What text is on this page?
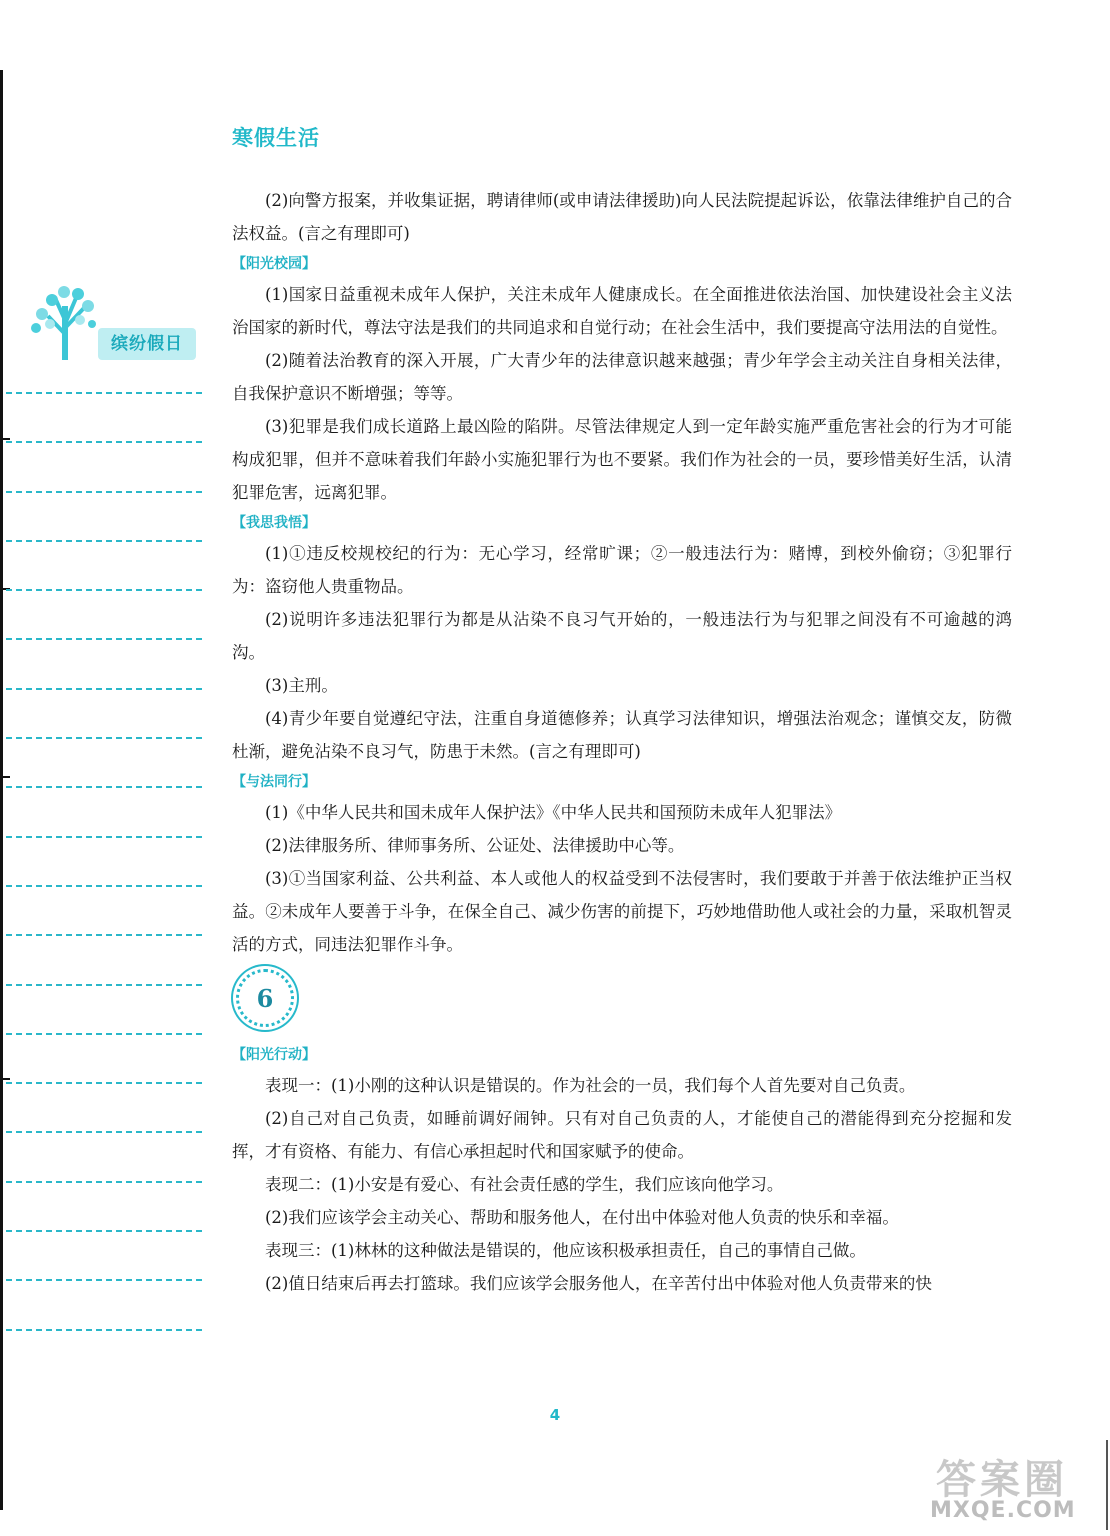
寒假生活
缤纷假日

(2)向警方报案，并收集证据，聘请律师(或申请法律援助)向人民法院提起诉讼，依靠法律维护自己的合法权益。(言之有理即可)

【阳光校园】

(1)国家日益重视未成年人保护，关注未成年人健康成长。在全面推进依法治国、加快建设社会主义法治国家的新时代，尊法守法是我们的共同追求和自觉行动；在社会生活中，我们要提高守法用法的自觉性。

(2)随着法治教育的深入开展，广大青少年的法律意识越来越强；青少年学会主动关注自身相关法律，自我保护意识不断增强；等等。

(3)犯罪是我们成长道路上最凶险的陷阱。尽管法律规定人到一定年龄实施严重危害社会的行为才可能构成犯罪，但并不意味着我们年龄小实施犯罪行为也不要紧。我们作为社会的一员，要珍惜美好生活，认清犯罪危害，远离犯罪。

【我思我悟】

(1)①违反校规校纪的行为：无心学习，经常旷课；②一般违法行为：赌博，到校外偷窃；③犯罪行为：盗窃他人贵重物品。

(2)说明许多违法犯罪行为都是从沾染不良习气开始的，一般违法行为与犯罪之间没有不可逾越的鸿沟。

(3)主刑。

(4)青少年要自觉遵纪守法，注重自身道德修养；认真学习法律知识，增强法治观念；谨慎交友，防微杜渐，避免沾染不良习气，防患于未然。(言之有理即可)

【与法同行】

(1)《中华人民共和国未成年人保护法》《中华人民共和国预防未成年人犯罪法》

(2)法律服务所、律师事务所、公证处、法律援助中心等。

(3)①当国家利益、公共利益、本人或他人的权益受到不法侵害时，我们要敢于并善于依法维护正当权益。②未成年人要善于斗争，在保全自己、减少伤害的前提下，巧妙地借助他人或社会的力量，采取机智灵活的方式，同违法犯罪作斗争。

6

【阳光行动】

表现一：(1)小刚的这种认识是错误的。作为社会的一员，我们每个人首先要对自己负责。

(2)自己对自己负责，如睡前调好闹钟。只有对自己负责的人，才能使自己的潜能得到充分挖掘和发挥，才有资格、有能力、有信心承担起时代和国家赋予的使命。

表现二：(1)小安是有爱心、有社会责任感的学生，我们应该向他学习。

(2)我们应该学会主动关心、帮助和服务他人，在付出中体验对他人负责的快乐和幸福。

表现三：(1)林林的这种做法是错误的，他应该积极承担责任，自己的事情自己做。

(2)值日结束后再去打篮球。我们应该学会服务他人，在辛苦付出中体验对他人负责带来的快

4
答案圈
MXQE.COM
